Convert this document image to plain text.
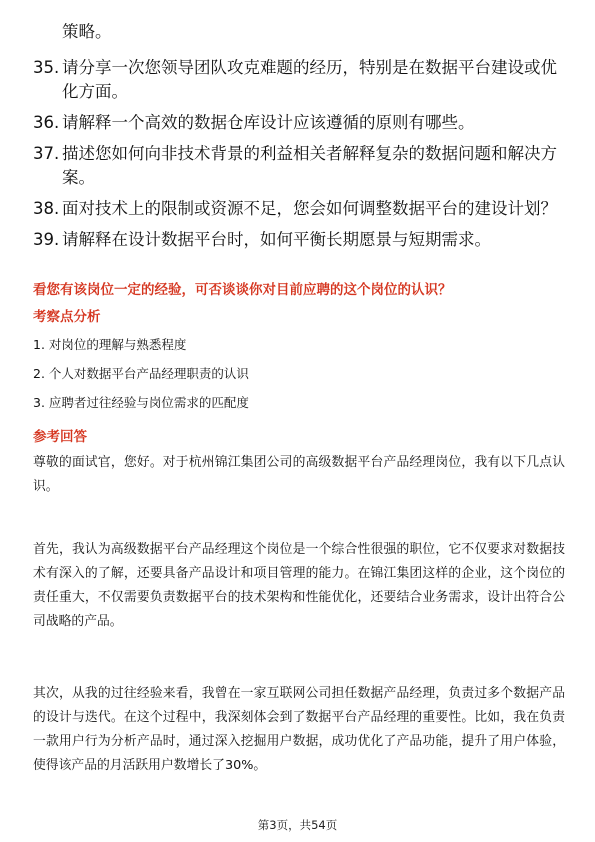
策略。
35. 请分享一次您领导团队攻克难题的经历，特别是在数据平台建设或优化方面。
36. 请解释一个高效的数据仓库设计应该遵循的原则有哪些。
37. 描述您如何向非技术背景的利益相关者解释复杂的数据问题和解决方案。
38. 面对技术上的限制或资源不足，您会如何调整数据平台的建设计划？
39. 请解释在设计数据平台时，如何平衡长期愿景与短期需求。
看您有该岗位一定的经验，可否谈谈你对目前应聘的这个岗位的认识？
考察点分析
1. 对岗位的理解与熟悉程度
2. 个人对数据平台产品经理职责的认识
3. 应聘者过往经验与岗位需求的匹配度
参考回答
尊敬的面试官，您好。对于杭州锦江集团公司的高级数据平台产品经理岗位，我有以下几点认识。
首先，我认为高级数据平台产品经理这个岗位是一个综合性很强的职位，它不仅要求对数据技术有深入的了解，还要具备产品设计和项目管理的能力。在锦江集团这样的企业，这个岗位的责任重大，不仅需要负责数据平台的技术架构和性能优化，还要结合业务需求，设计出符合公司战略的产品。
其次，从我的过往经验来看，我曾在一家互联网公司担任数据产品经理，负责过多个数据产品的设计与迭代。在这个过程中，我深刻体会到了数据平台产品经理的重要性。比如，我在负责一款用户行为分析产品时，通过深入挖掘用户数据，成功优化了产品功能，提升了用户体验，使得该产品的月活跃用户数增长了30%。
第3页，共54页
